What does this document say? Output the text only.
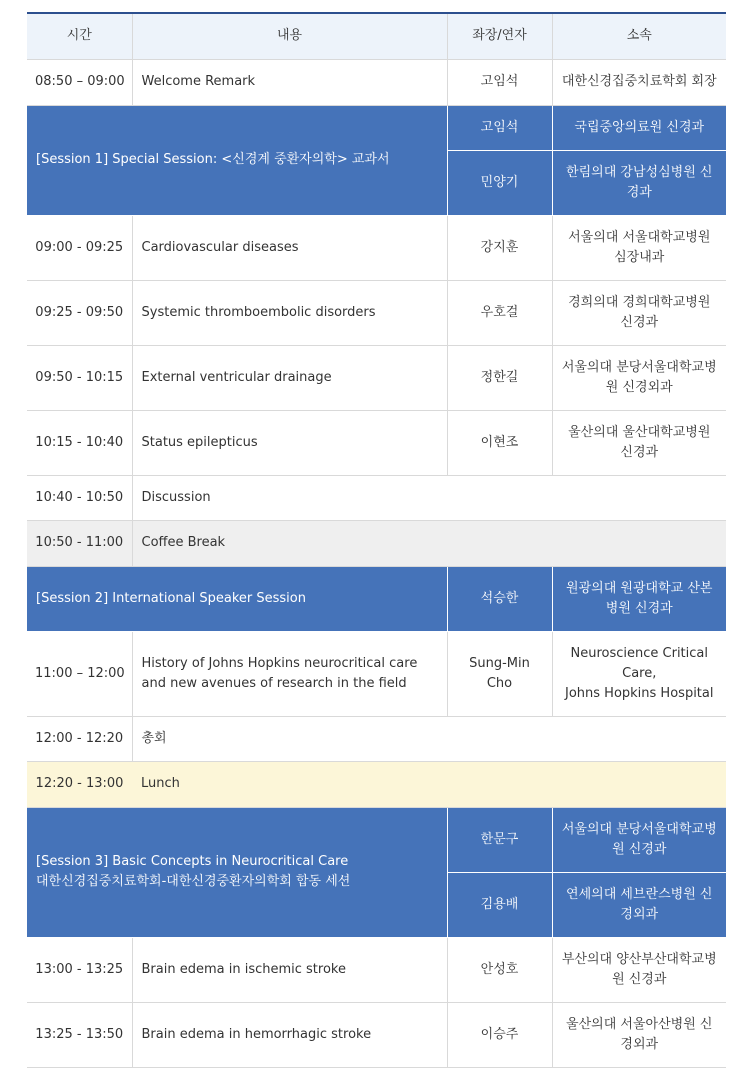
시간	내용	좌장/연자	소속
08:50 – 09:00	Welcome Remark	고임석	대한신경집중치료학회 회장
[Session 1] Special Session: <신경계 중환자의학> 교과서		고임석	국립중앙의료원 신경과
		민양기	한림의대 강남성심병원 신경과
09:00 - 09:25	Cardiovascular diseases	강지훈	서울의대 서울대학교병원 심장내과
09:25 - 09:50	Systemic thromboembolic disorders	우호걸	경희의대 경희대학교병원 신경과
09:50 - 10:15	External ventricular drainage	정한길	서울의대 분당서울대학교병원 신경외과
10:15 - 10:40	Status epilepticus	이현조	울산의대 울산대학교병원 신경과
10:40 - 10:50	Discussion		
10:50 - 11:00	Coffee Break		
[Session 2] International Speaker Session		석승한	원광의대 원광대학교 산본병원 신경과
11:00 – 12:00	History of Johns Hopkins neurocritical care and new avenues of research in the field	Sung-Min Cho	Neuroscience Critical Care,
Johns Hopkins Hospital

12:00 - 12:20	총회		
12:20 - 13:00	Lunch		

[Session 3] Basic Concepts in Neurocritical Care
대한신경집중치료학회-대한신경중환자의학회 합동 세션		한문구	서울의대 분당서울대학교병원 신경과
		김용배	연세의대 세브란스병원 신경외과
13:00 - 13:25	Brain edema in ischemic stroke	안성호	부산의대 양산부산대학교병원 신경과
13:25 - 13:50	Brain edema in hemorrhagic stroke	이승주	울산의대 서울아산병원 신경외과
